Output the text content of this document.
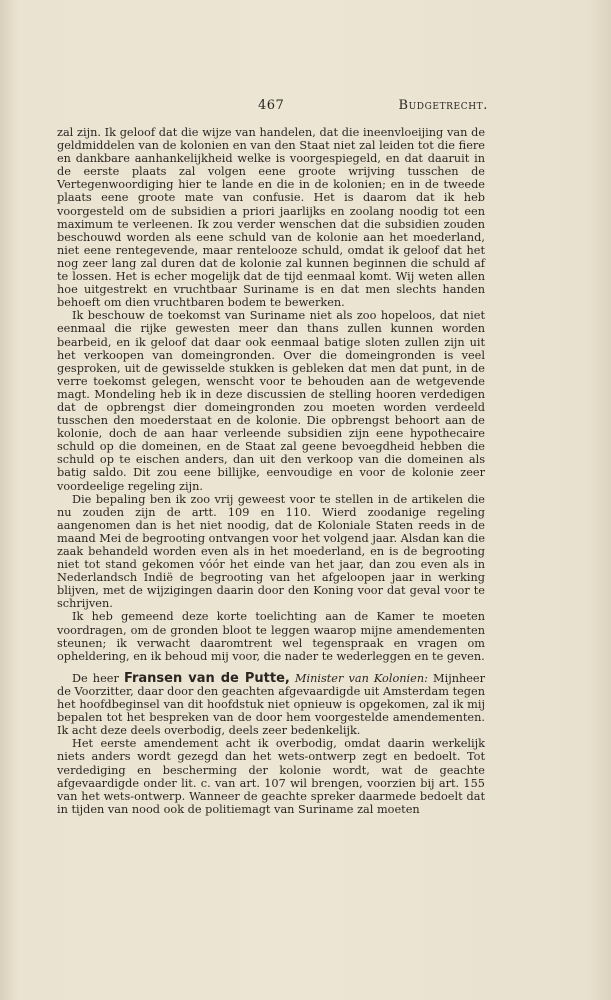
467	Budgetrecht.

zal zijn. Ik geloof dat die wijze van handelen, dat die ineenvloeijing van de geldmiddelen van de kolonien en van den Staat niet zal leiden tot die fiere en dankbare aanhankelijkheid welke is voorgespiegeld, en dat daaruit in de eerste plaats zal volgen eene groote wrijving tusschen de Vertegenwoordiging hier te lande en die in de kolonien; en in de tweede plaats eene groote mate van confusie. Het is daarom dat ik heb voorgesteld om de subsidien a priori jaarlijks en zoolang noodig tot een maximum te verleenen. Ik zou verder wenschen dat die subsidien zouden beschouwd worden als eene schuld van de kolonie aan het moederland, niet eene rentegevende, maar rentelooze schuld, omdat ik geloof dat het nog zeer lang zal duren dat de kolonie zal kunnen beginnen die schuld af te lossen. Het is echer mogelijk dat de tijd eenmaal komt. Wij weten allen hoe uitgestrekt en vruchtbaar Suriname is en dat men slechts handen behoeft om dien vruchtbaren bodem te bewerken.

Ik beschouw de toekomst van Suriname niet als zoo hopeloos, dat niet eenmaal die rijke gewesten meer dan thans zullen kunnen worden bearbeid, en ik geloof dat daar ook eenmaal batige sloten zullen zijn uit het verkoopen van domeingronden. Over die domeingronden is veel gesproken, uit de gewisselde stukken is gebleken dat men dat punt, in de verre toekomst gelegen, wenscht voor te behouden aan de wetgevende magt. Mondeling heb ik in deze discussien de stelling hooren verdedigen dat de opbrengst dier domeingronden zou moeten worden verdeeld tusschen den moederstaat en de kolonie. Die opbrengst behoort aan de kolonie, doch de aan haar verleende subsidien zijn eene hypothecaire schuld op die domeinen, en de Staat zal geene bevoegdheid hebben die schuld op te eischen anders, dan uit den verkoop van die domeinen als batig saldo. Dit zou eene billijke, eenvoudige en voor de kolonie zeer voordeelige regeling zijn.

Die bepaling ben ik zoo vrij geweest voor te stellen in de artikelen die nu zouden zijn de artt. 109 en 110. Wierd zoodanige regeling aangenomen dan is het niet noodig, dat de Koloniale Staten reeds in de maand Mei de begrooting ontvangen voor het volgend jaar. Alsdan kan die zaak behandeld worden even als in het moederland, en is de begrooting niet tot stand gekomen vóór het einde van het jaar, dan zou even als in Nederlandsch Indië de begrooting van het afgeloopen jaar in werking blijven, met de wijzigingen daarin door den Koning voor dat geval voor te schrijven.

Ik heb gemeend deze korte toelichting aan de Kamer te moeten voordragen, om de gronden bloot te leggen waarop mijne amendementen steunen; ik verwacht daaromtrent wel tegenspraak en vragen om opheldering, en ik behoud mij voor, die nader te wederleggen en te geven.

De heer Fransen van de Putte, Minister van Kolonien: Mijnheer de Voorzitter, daar door den geachten afgevaardigde uit Amsterdam tegen het hoofdbeginsel van dit hoofdstuk niet opnieuw is opgekomen, zal ik mij bepalen tot het bespreken van de door hem voorgestelde amendementen. Ik acht deze deels overbodig, deels zeer bedenkelijk.

Het eerste amendement acht ik overbodig, omdat daarin werkelijk niets anders wordt gezegd dan het wets-ontwerp zegt en bedoelt. Tot verdediging en bescherming der kolonie wordt, wat de geachte afgevaardigde onder lit. c. van art. 107 wil brengen, voorzien bij art. 155 van het wets-ontwerp. Wanneer de geachte spreker daarmede bedoelt dat in tijden van nood ook de politiemagt van Suriname zal moeten
